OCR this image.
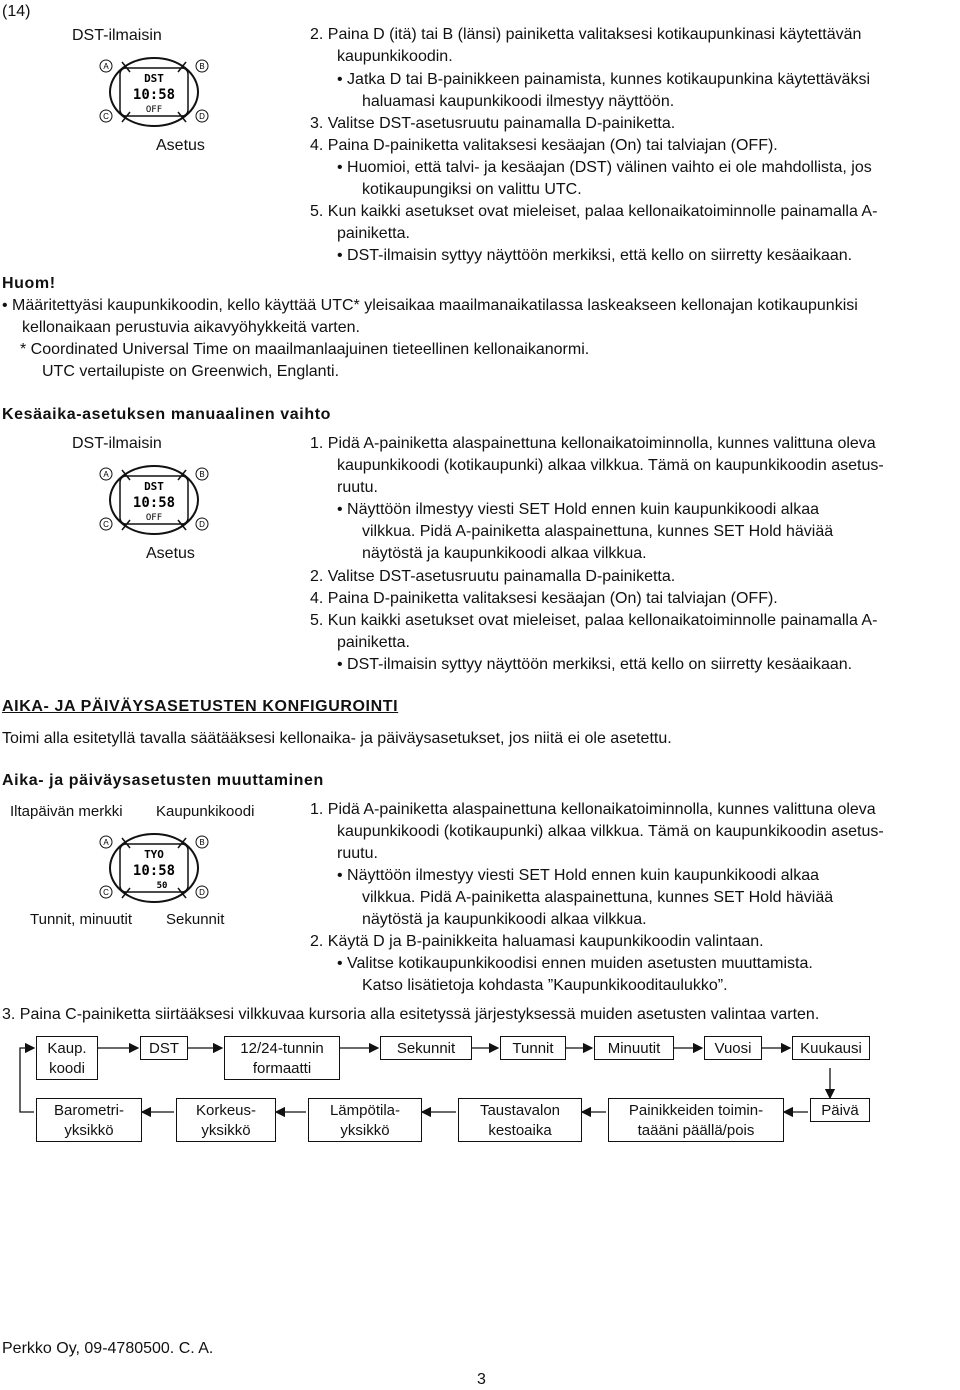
(14)
DST-ilmaisin
A	B
C	D
DST
10:58
OFF
Asetus
2. Paina D (itä) tai B (länsi) painiketta valitaksesi kotikaupunkinasi käytettävän
kaupunkikoodin.
• Jatka D tai B-painikkeen painamista, kunnes kotikaupunkina käytettäväksi
haluamasi kaupunkikoodi ilmestyy näyttöön.
3. Valitse DST-asetusruutu painamalla D-painiketta.
4. Paina D-painiketta valitaksesi kesäajan (On) tai talviajan (OFF).
• Huomioi, että talvi- ja kesäajan (DST) välinen vaihto ei ole mahdollista, jos
kotikaupungiksi on valittu UTC.
5. Kun kaikki asetukset ovat mieleiset, palaa kellonaikatoiminnolle painamalla A-
painiketta.
• DST-ilmaisin syttyy näyttöön merkiksi, että kello on siirretty kesäaikaan.
Huom!
• Määritettyäsi kaupunkikoodin, kello käyttää UTC* yleisaikaa maailmanaikatilassa laskeakseen kellonajan kotikaupunkisi
kellonaikaan perustuvia aikavyöhykkeitä varten.
* Coordinated Universal Time on maailmanlaajuinen tieteellinen kellonaikanormi.
UTC vertailupiste on Greenwich, Englanti.
Kesäaika-asetuksen manuaalinen vaihto
DST-ilmaisin
A	B
C	D
DST
10:58
OFF
Asetus
1. Pidä A-painiketta alaspainettuna kellonaikatoiminnolla, kunnes valittuna oleva
kaupunkikoodi (kotikaupunki) alkaa vilkkua. Tämä on kaupunkikoodin asetus-
ruutu.
• Näyttöön ilmestyy viesti SET Hold ennen kuin kaupunkikoodi alkaa
vilkkua. Pidä A-painiketta alaspainettuna, kunnes SET Hold häviää
näytöstä ja kaupunkikoodi alkaa vilkkua.
2. Valitse DST-asetusruutu painamalla D-painiketta.
4. Paina D-painiketta valitaksesi kesäajan (On) tai talviajan (OFF).
5. Kun kaikki asetukset ovat mieleiset, palaa kellonaikatoiminnolle painamalla A-
painiketta.
• DST-ilmaisin syttyy näyttöön merkiksi, että kello on siirretty kesäaikaan.
AIKA- JA PÄIVÄYSASETUSTEN KONFIGUROINTI
Toimi alla esitetyllä tavalla säätääksesi kellonaika- ja päiväysasetukset, jos niitä ei ole asetettu.
Aika- ja päiväysasetusten muuttaminen
Iltapäivän merkki Kaupunkikoodi
A	B
C	D
TYO
10:58
50
Tunnit, minuutit Sekunnit
1. Pidä A-painiketta alaspainettuna kellonaikatoiminnolla, kunnes valittuna oleva
kaupunkikoodi (kotikaupunki) alkaa vilkkua. Tämä on kaupunkikoodin asetus-
ruutu.
• Näyttöön ilmestyy viesti SET Hold ennen kuin kaupunkikoodi alkaa
vilkkua. Pidä A-painiketta alaspainettuna, kunnes SET Hold häviää
näytöstä ja kaupunkikoodi alkaa vilkkua.
2. Käytä D ja B-painikkeita haluamasi kaupunkikoodin valintaan.
• Valitse kotikaupunkikoodisi ennen muiden asetusten muuttamista.
Katso lisätietoja kohdasta ”Kaupunkikooditaulukko”.
3. Paina C-painiketta siirtääksesi vilkkuvaa kursoria alla esitetyssä järjestyksessä muiden asetusten valintaa varten.
Kaup.
koodi
DST	12/24-tunnin
formaatti
Sekunnit	Tunnit	Minuutit	Vuosi	Kuukausi
Barometri-
yksikkö
Korkeus-
yksikkö
Lämpötila-
yksikkö
Taustavalon
kestoaika
Painikkeiden toimin-
taääni päällä/pois
Päivä
Perkko Oy, 09-4780500. C. A.
3
